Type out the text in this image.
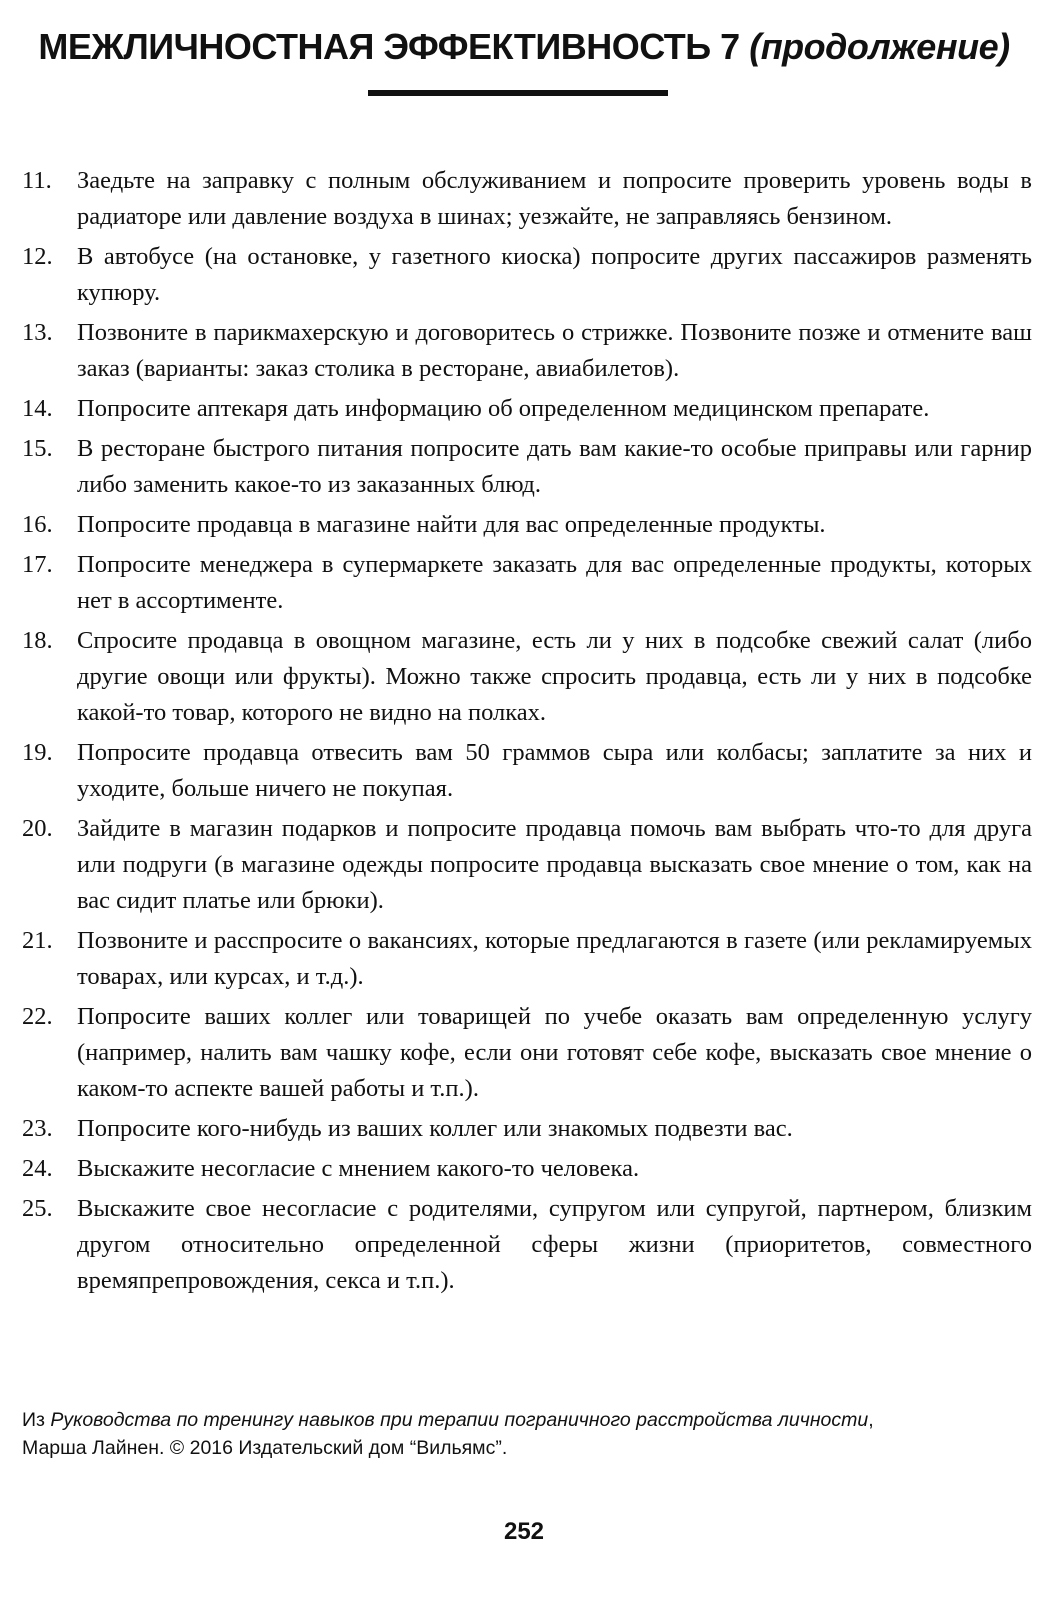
МЕЖЛИЧНОСТНАЯ ЭФФЕКТИВНОСТЬ 7 (продолжение)
11.	Заедьте на заправку с полным обслуживанием и попросите проверить уровень воды в радиаторе или давление воздуха в шинах; уезжайте, не заправляясь бензином.
12. В автобусе (на остановке, у газетного киоска) попросите других пассажиров разменять купюру.
13. Позвоните в парикмахерскую и договоритесь о стрижке. Позвоните позже и отмените ваш заказ (варианты: заказ столика в ресторане, авиабилетов).
14. Попросите аптекаря дать информацию об определенном медицинском препарате.
15. В ресторане быстрого питания попросите дать вам какие-то особые приправы или гарнир либо заменить какое-то из заказанных блюд.
16. Попросите продавца в магазине найти для вас определенные продукты.
17. Попросите менеджера в супермаркете заказать для вас определенные продукты, которых нет в ассортименте.
18. Спросите продавца в овощном магазине, есть ли у них в подсобке свежий салат (либо другие овощи или фрукты). Можно также спросить продавца, есть ли у них в подсобке какой-то товар, которого не видно на полках.
19. Попросите продавца отвесить вам 50 граммов сыра или колбасы; заплатите за них и уходите, больше ничего не покупая.
20. Зайдите в магазин подарков и попросите продавца помочь вам выбрать что-то для друга или подруги (в магазине одежды попросите продавца высказать свое мнение о том, как на вас сидит платье или брюки).
21. Позвоните и расспросите о вакансиях, которые предлагаются в газете (или рекламируемых товарах, или курсах, и т.д.).
22. Попросите ваших коллег или товарищей по учебе оказать вам определенную услугу (например, налить вам чашку кофе, если они готовят себе кофе, высказать свое мнение о каком-то аспекте вашей работы и т.п.).
23. Попросите кого-нибудь из ваших коллег или знакомых подвезти вас.
24. Выскажите несогласие с мнением какого-то человека.
25. Выскажите свое несогласие с родителями, супругом или супругой, партнером, близким другом относительно определенной сферы жизни (приоритетов, совместного времяпрепровождения, секса и т.п.).
Из Руководства по тренингу навыков при терапии пограничного расстройства личности,
Марша Лайнен. © 2016 Издательский дом “Вильямс”.
252
